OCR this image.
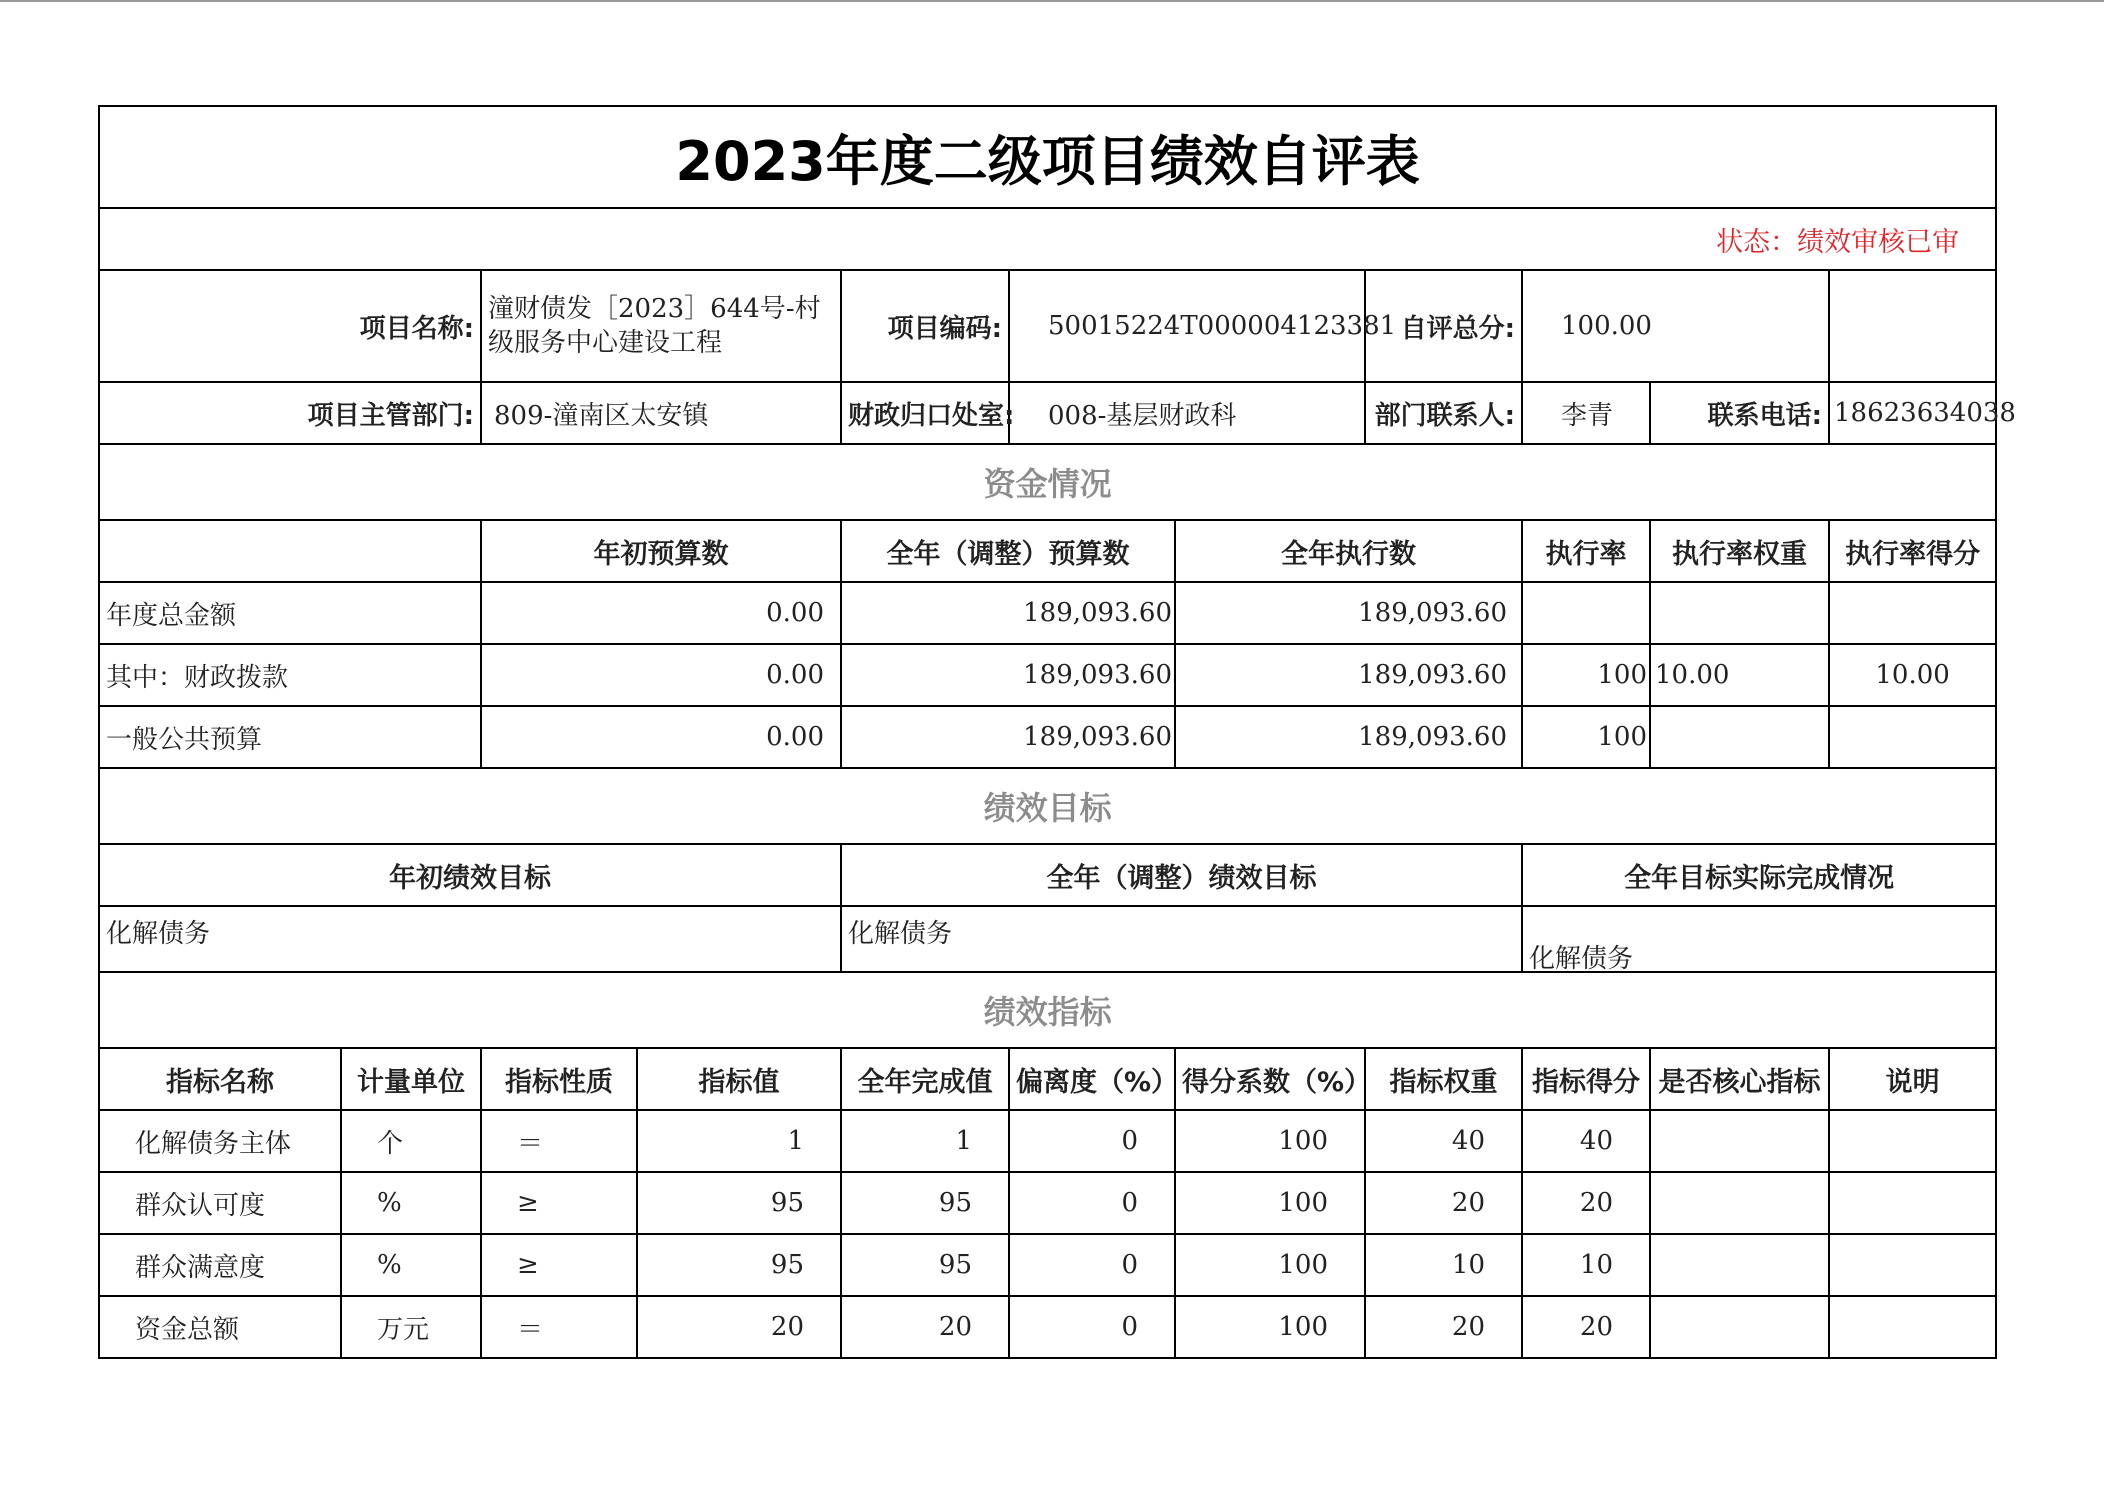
2023年度二级项目绩效自评表										
状态：绩效审核已审										
项目名称:		潼财债发［2023］644号-村级服务中心建设工程		项目编码:	50015224T000004123381		自评总分:	100.00		
项目主管部门:		809-潼南区太安镇		财政归口处室:	008-基层财政科		部门联系人:	李青	联系电话:	18623634038
资金情况										
		年初预算数		全年（调整）预算数		全年执行数		执行率	执行率权重	执行率得分
年度总金额		0.00		189,093.60		189,093.60				
其中：财政拨款		0.00		189,093.60		189,093.60		100	10.00	10.00
一般公共预算		0.00		189,093.60		189,093.60		100		
绩效目标										
年初绩效目标				全年（调整）绩效目标				全年目标实际完成情况		
化解债务				化解债务				化解债务		
绩效指标										
指标名称	计量单位	指标性质	指标值	全年完成值	偏离度（%）	得分系数（%）	指标权重	指标得分	是否核心指标	说明
化解债务主体	个	＝	1	1	0	100	40	40		
群众认可度	%	≥	95	95	0	100	20	20		
群众满意度	%	≥	95	95	0	100	10	10		
资金总额	万元	＝	20	20	0	100	20	20		
